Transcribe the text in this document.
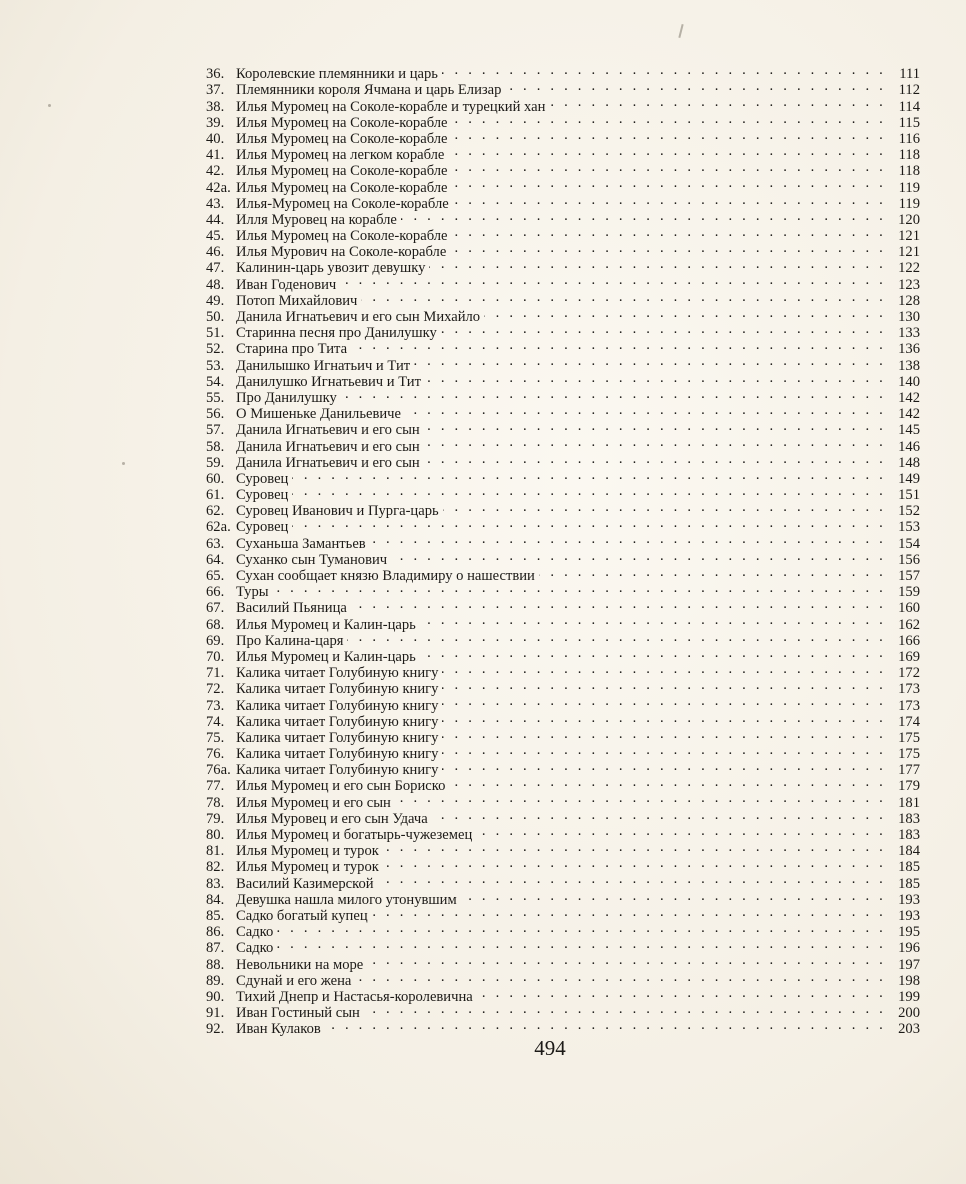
36. Королевские племянники и царь . . .	111
37. Племянники короля Ячмана и царь Елизар . . .	112
38. Илья Муромец на Соколе-корабле и турецкий хан . . .	114
39. Илья Муромец на Соколе-корабле . . .	115
40. Илья Муромец на Соколе-корабле . . .	116
41. Илья Муромец на легком корабле . . .	118
42. Илья Муромец на Соколе-корабле . . .	118
42а. Илья Муромец на Соколе-корабле . . .	119
43. Илья-Муромец на Соколе-корабле . . .	119
44. Илля Муровец на корабле . . .	120
45. Илья Муромец на Соколе-корабле . . .	121
46. Илья Мурович на Соколе-корабле . . .	121
47. Калинин-царь увозит девушку . . .	122
48. Иван Годенович . . .	123
49. Потоп Михайлович . . .	128
50. Данила Игнатьевич и его сын Михайло . . .	130
51. Старинна песня про Данилушку . . .	133
52. Старина про Тита . . .	136
53. Данилышко Игнатьич и Тит . . .	138
54. Данилушко Игнатьевич и Тит . . .	140
55. Про Данилушку . . .	142
56. О Мишеньке Данильевиче . . .	142
57. Данила Игнатьевич и его сын . . .	145
58. Данила Игнатьевич и его сын . . .	146
59. Данила Игнатьевич и его сын . . .	148
60. Суровец . . .	149
61. Суровец . . .	151
62. Суровец Иванович и Пурга-царь . . .	152
62а. Суровец . . .	153
63. Суханьша Замантьев . . .	154
64. Суханко сын Туманович . . .	156
65. Сухан сообщает князю Владимиру о нашествии . . .	157
66. Туры . . .	159
67. Василий Пьяница . . .	160
68. Илья Муромец и Калин-царь . . .	162
69. Про Калина-царя . . .	166
70. Илья Муромец и Калин-царь . . .	169
71. Калика читает Голубиную книгу . . .	172
72. Калика читает Голубиную книгу . . .	173
73. Калика читает Голубиную книгу . . .	173
74. Калика читает Голубиную книгу . . .	174
75. Калика читает Голубиную книгу . . .	175
76. Калика читает Голубиную книгу . . .	175
76а. Калика читает Голубиную книгу . . .	177
77. Илья Муромец и его сын Бориско . . .	179
78. Илья Муромец и его сын . . .	181
79. Илья Муровец и его сын Удача . . .	183
80. Илья Муромец и богатырь-чужеземец . . .	183
81. Илья Муромец и турок . . .	184
82. Илья Муромец и турок . . .	185
83. Василий Казимерской . . .	185
84. Девушка нашла милого утонувшим . . .	193
85. Садко богатый купец . . .	193
86. Садко . . .	195
87. Садко . . .	196
88. Невольники на море . . .	197
89. Сдунай и его жена . . .	198
90. Тихий Днепр и Настасья-королевична . . .	199
91. Иван Гостиный сын . . .	200
92. Иван Кулаков . . .	203
494
